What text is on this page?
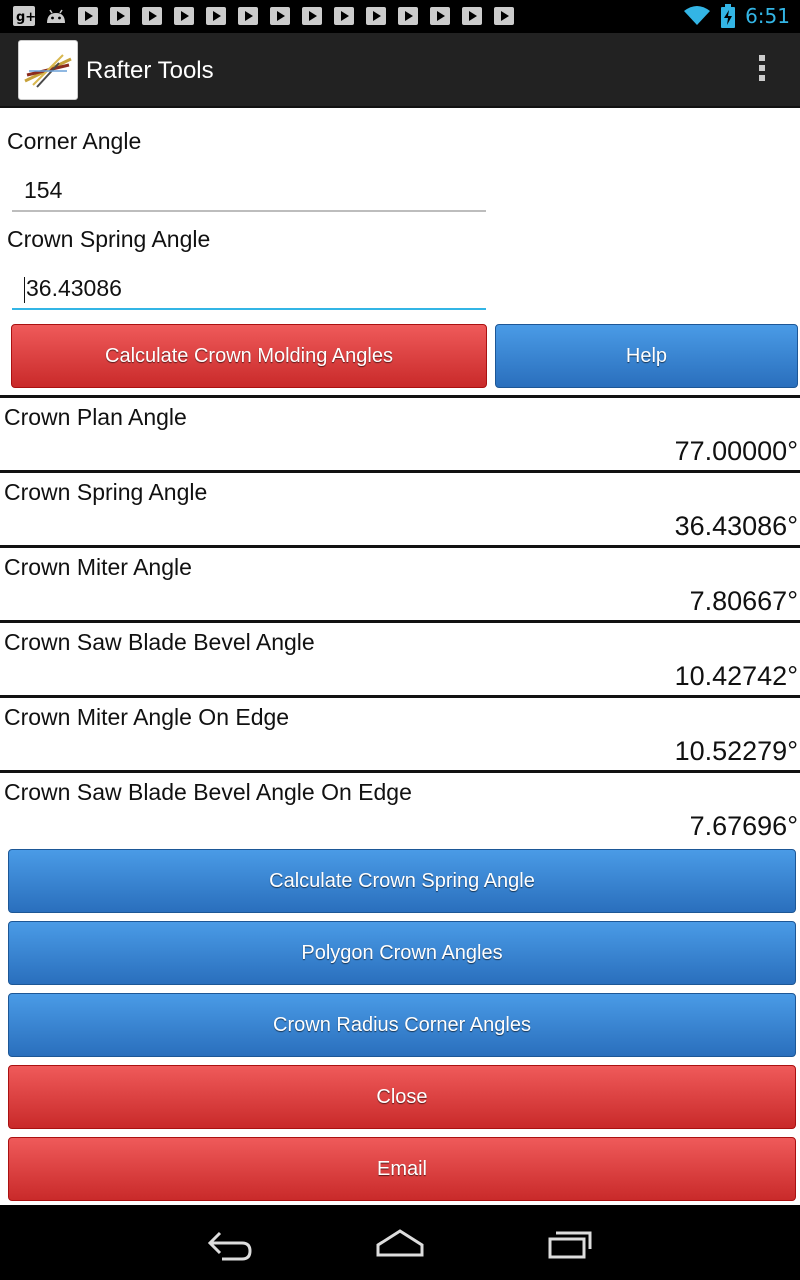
g+	6:51
Rafter Tools
Corner Angle
154
Crown Spring Angle
36.43086
Calculate Crown Molding Angles	Help
Crown Plan Angle
77.00000°
Crown Spring Angle
36.43086°
Crown Miter Angle
7.80667°
Crown Saw Blade Bevel Angle
10.42742°
Crown Miter Angle On Edge
10.52279°
Crown Saw Blade Bevel Angle On Edge
7.67696°
Calculate Crown Spring Angle
Polygon Crown Angles
Crown Radius Corner Angles
Close
Email
